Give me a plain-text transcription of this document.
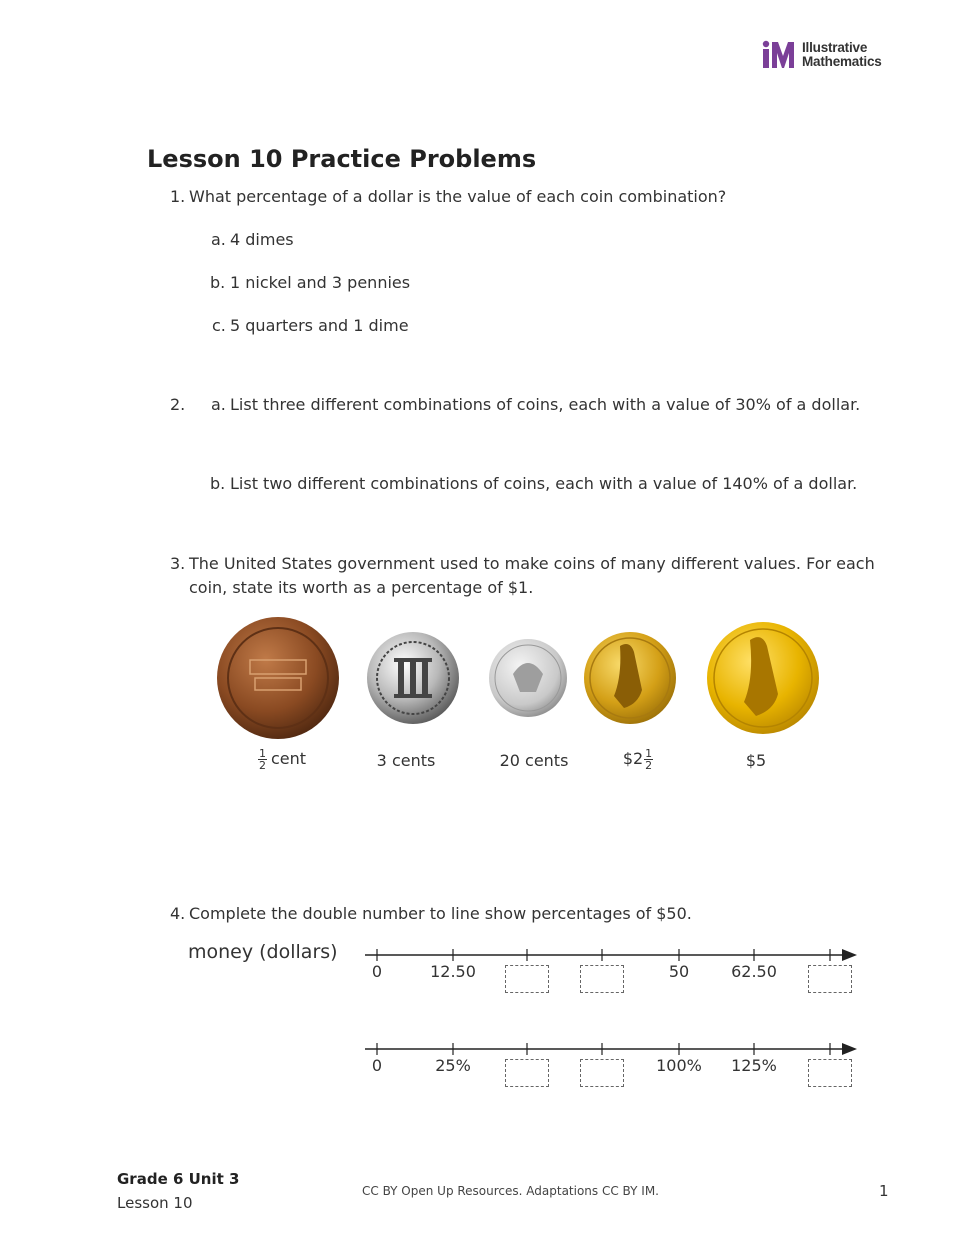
Illustrative
Mathematics
Lesson 10 Practice Problems
1. What percentage of a dollar is the value of each coin combination?
a. 4 dimes
b. 1 nickel and 3 pennies
c. 5 quarters and 1 dime
2. a. List three different combinations of coins, each with a value of 30% of a dollar.
b. List two different combinations of coins, each with a value of 140% of a dollar.
3. The United States government used to make coins of many different values. For each
coin, state its worth as a percentage of $1.
$\frac{1}{2}$ cent	3 cents	20 cents	$2 $\frac{1}{2}$	$5
4. Complete the double number to line show percentages of $50.
money (dollars)
0	12.50	50	62.50
0	25%	100%	125%
Grade 6 Unit 3
Lesson 10
CC BY Open Up Resources. Adaptations CC BY IM.	1
